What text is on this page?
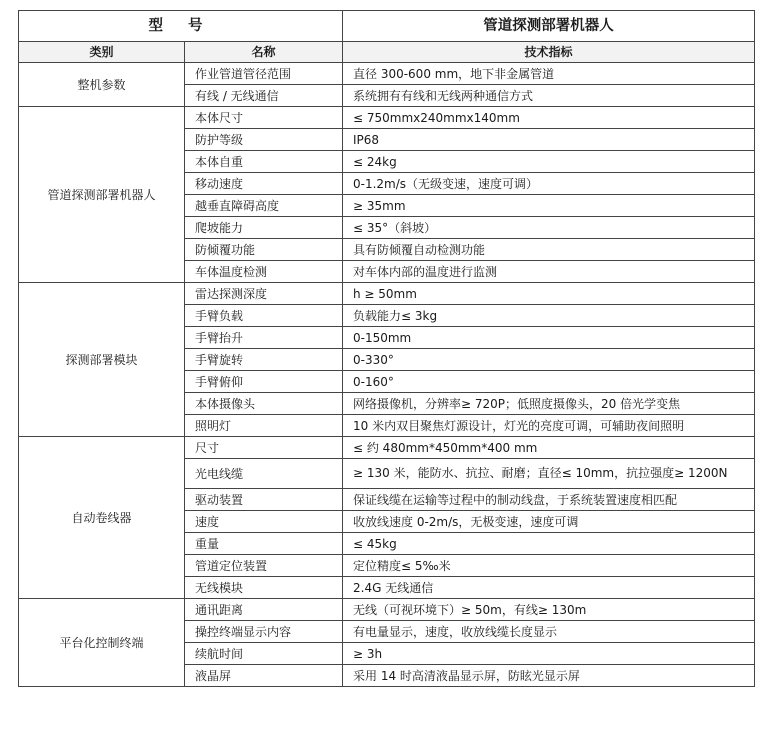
型 号		管道探测部署机器人
类别	名称	技术指标
整机参数	作业管道管径范围	直径 300-600 mm，地下非金属管道
	有线 / 无线通信	系统拥有有线和无线两种通信方式
管道探测部署机器人	本体尺寸	≤ 750mmx240mmx140mm
	防护等级	IP68
	本体自重	≤ 24kg
	移动速度	0-1.2m/s（无级变速，速度可调）
	越垂直障碍高度	≥ 35mm
	爬坡能力	≤ 35°（斜坡）
	防倾覆功能	具有防倾覆自动检测功能
	车体温度检测	对车体内部的温度进行监测
探测部署模块	雷达探测深度	h ≥ 50mm
	手臂负载	负载能力≤ 3kg
	手臂抬升	0-150mm
	手臂旋转	0-330°
	手臂俯仰	0-160°
	本体摄像头	网络摄像机，分辨率≥ 720P；低照度摄像头，20 倍光学变焦
	照明灯	10 米内双目聚焦灯源设计，灯光的亮度可调，可辅助夜间照明
自动卷线器	尺寸	≤ 约 480mm*450mm*400 mm
	光电线缆	≥ 130 米，能防水、抗拉、耐磨；直径≤ 10mm，抗拉强度≥ 1200N
	驱动装置	保证线缆在运输等过程中的制动线盘，于系统装置速度相匹配
	速度	收放线速度 0-2m/s，无极变速，速度可调
	重量	≤ 45kg
	管道定位装置	定位精度≤ 5‰米
	无线模块	2.4G 无线通信
平台化控制终端	通讯距离	无线（可视环境下）≥ 50m，有线≥ 130m
	操控终端显示内容	有电量显示，速度，收放线缆长度显示
	续航时间	≥ 3h
	液晶屏	采用 14 时高清液晶显示屏，防眩光显示屏
